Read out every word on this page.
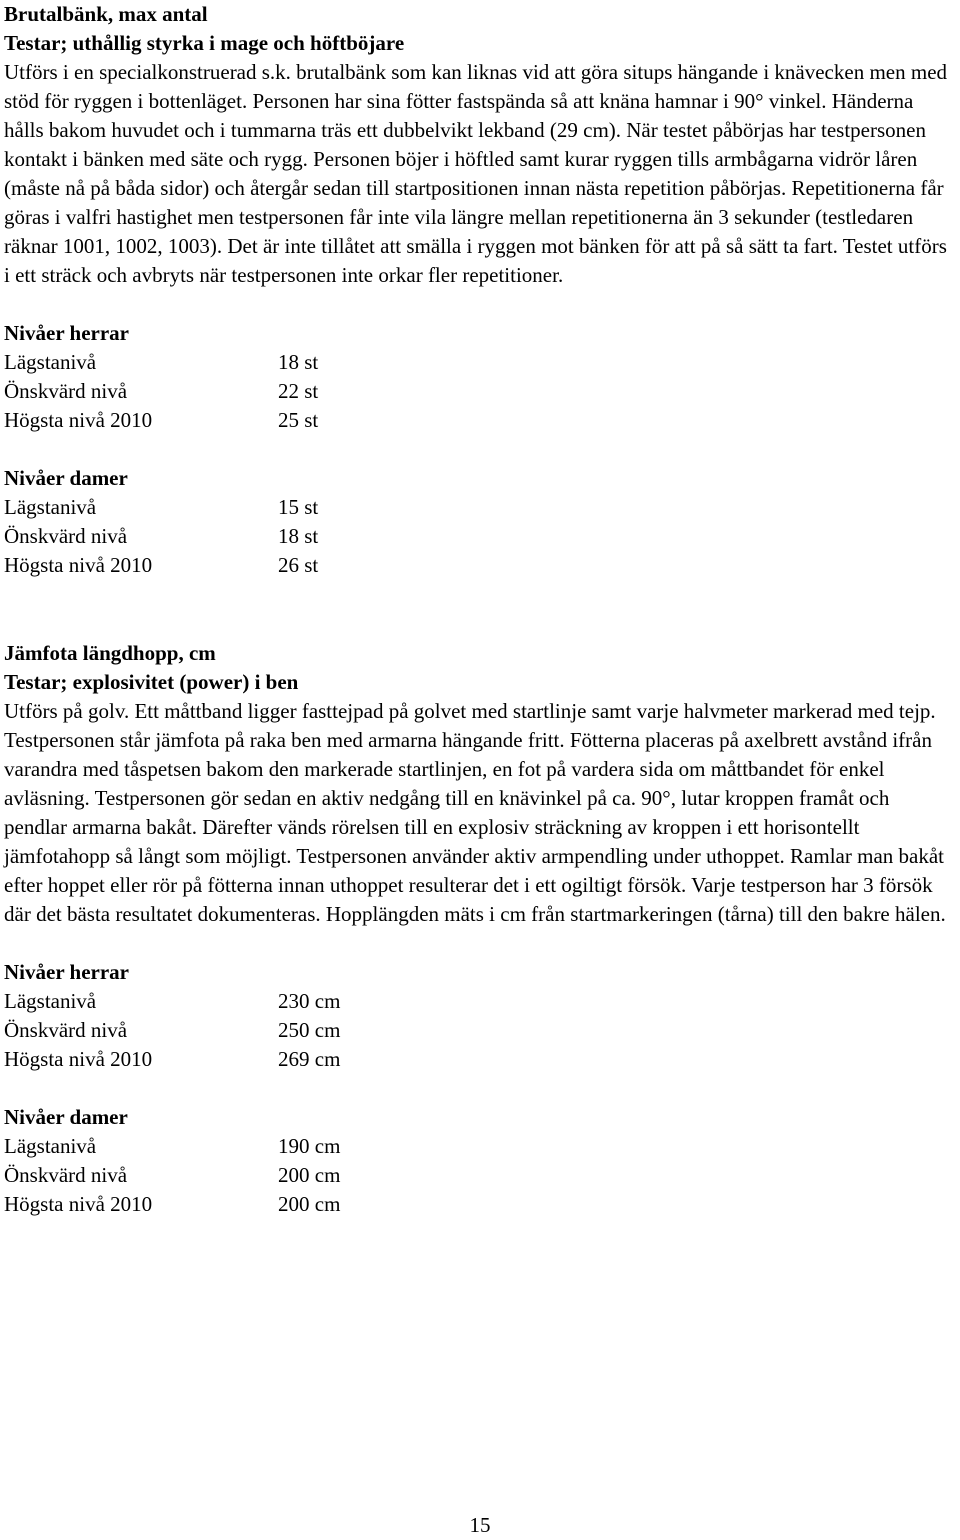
Brutalbänk, max antal

Testar; uthållig styrka i mage och höftböjare

Utförs i en specialkonstruerad s.k. brutalbänk som kan liknas vid att göra situps hängande i knävecken men med stöd för ryggen i bottenläget. Personen har sina fötter fastspända så att knäna hamnar i 90° vinkel. Händerna hålls bakom huvudet och i tummarna träs ett dubbelvikt lekband (29 cm). När testet påbörjas har testpersonen kontakt i bänken med säte och rygg. Personen böjer i höftled samt kurar ryggen tills armbågarna vidrör låren (måste nå på båda sidor) och återgår sedan till startpositionen innan nästa repetition påbörjas. Repetitionerna får göras i valfri hastighet men testpersonen får inte vila längre mellan repetitionerna än 3 sekunder (testledaren räknar 1001, 1002, 1003). Det är inte tillåtet att smälla i ryggen mot bänken för att på så sätt ta fart. Testet utförs i ett sträck och avbryts när testpersonen inte orkar fler repetitioner.

Nivåer herrar

Lägstanivå	18 st
Önskvärd nivå	22 st
Högsta nivå 2010	25 st

Nivåer damer

Lägstanivå	15 st
Önskvärd nivå	18 st
Högsta nivå 2010	26 st

Jämfota längdhopp, cm

Testar; explosivitet (power) i ben

Utförs på golv. Ett måttband ligger fasttejpad på golvet med startlinje samt varje halvmeter markerad med tejp. Testpersonen står jämfota på raka ben med armarna hängande fritt. Fötterna placeras på axelbrett avstånd ifrån varandra med tåspetsen bakom den markerade startlinjen, en fot på vardera sida om måttbandet för enkel avläsning. Testpersonen gör sedan en aktiv nedgång till en knävinkel på ca. 90°, lutar kroppen framåt och pendlar armarna bakåt. Därefter vänds rörelsen till en explosiv sträckning av kroppen i ett horisontellt jämfotahopp så långt som möjligt. Testpersonen använder aktiv armpendling under uthoppet. Ramlar man bakåt efter hoppet eller rör på fötterna innan uthoppet resulterar det i ett ogiltigt försök. Varje testperson har 3 försök där det bästa resultatet dokumenteras. Hopplängden mäts i cm från startmarkeringen (tårna) till den bakre hälen.

Nivåer herrar

Lägstanivå	230 cm
Önskvärd nivå	250 cm
Högsta nivå 2010	269 cm

Nivåer damer

Lägstanivå	190 cm
Önskvärd nivå	200 cm
Högsta nivå 2010	200 cm
15
